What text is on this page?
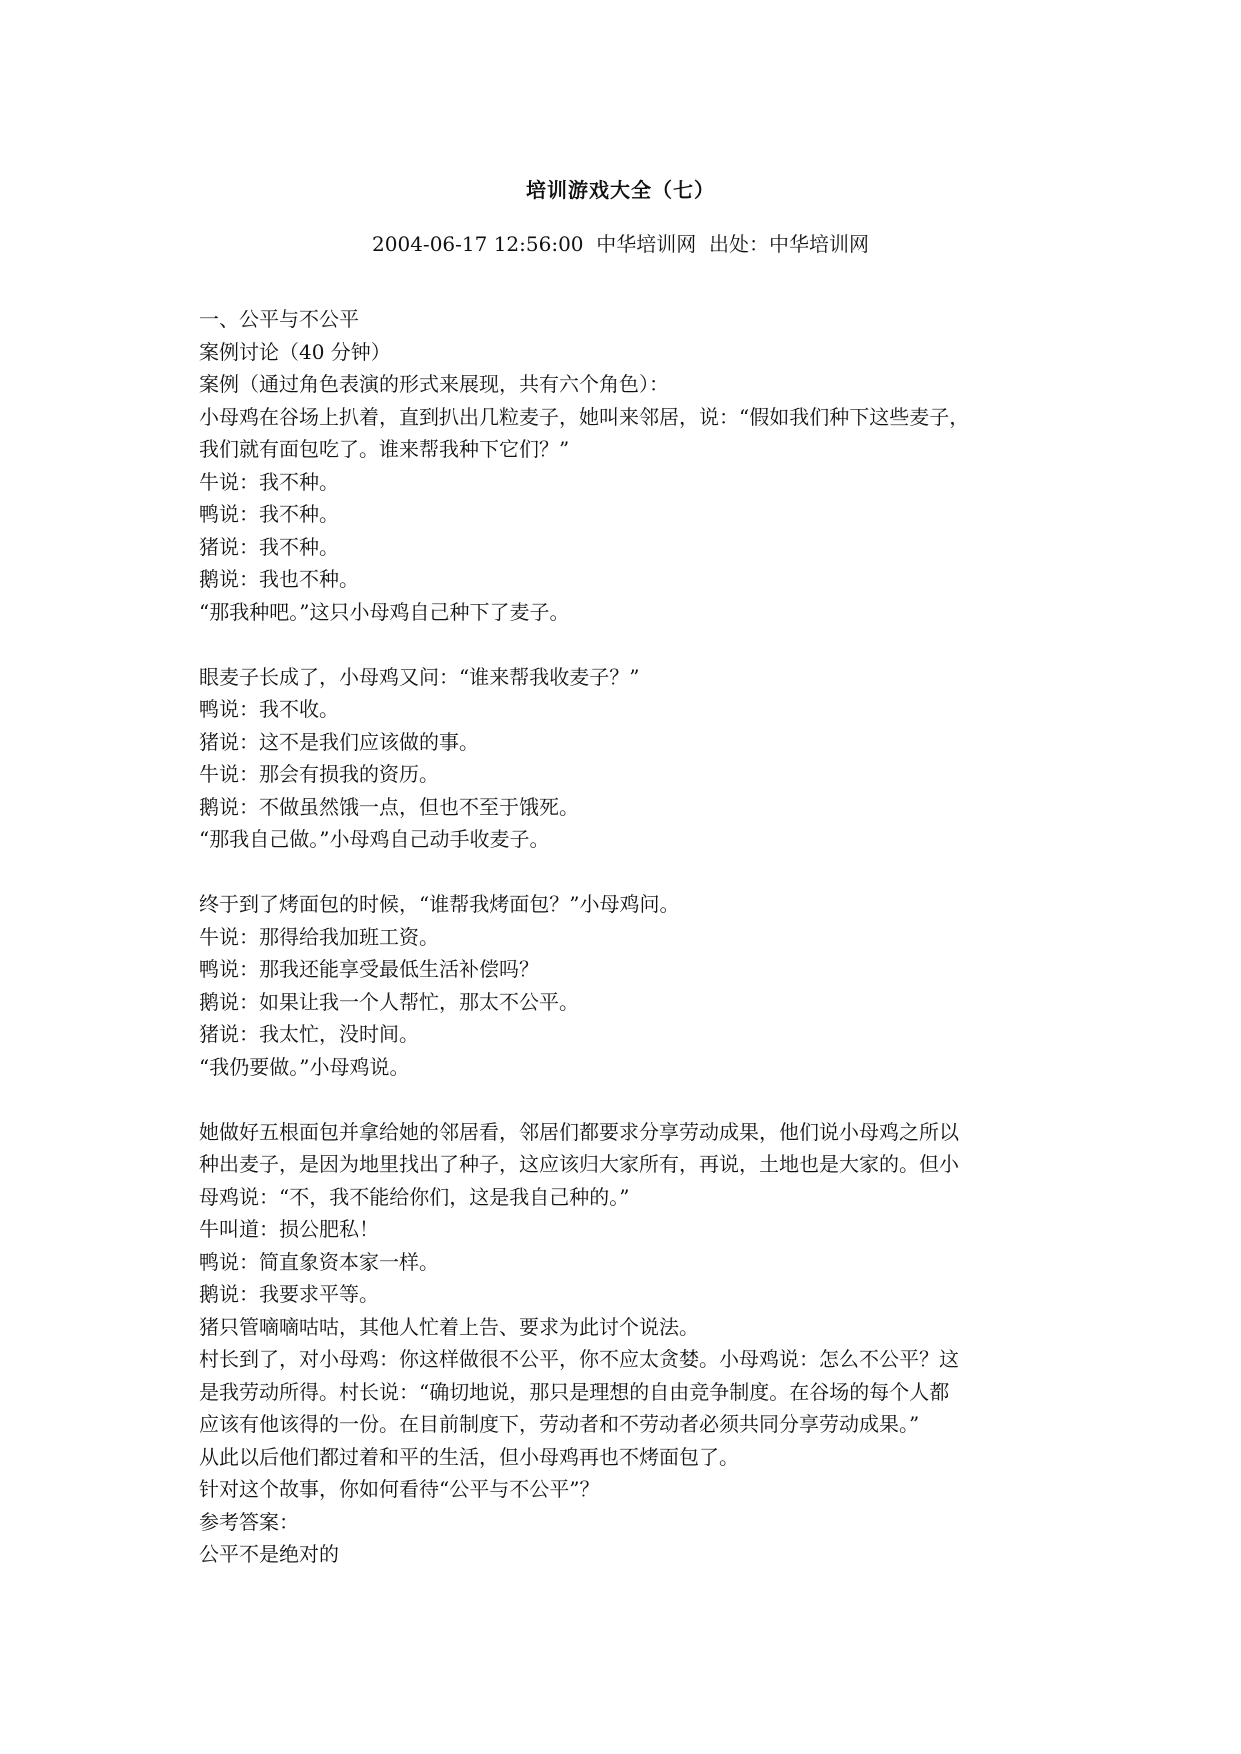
培训游戏大全（七）
2004-06-17 12:56:00 中华培训网 出处：中华培训网
一、公平与不公平
案例讨论（40 分钟）
案例（通过角色表演的形式来展现，共有六个角色）：
小母鸡在谷场上扒着，直到扒出几粒麦子，她叫来邻居，说：“假如我们种下这些麦子，
我们就有面包吃了。谁来帮我种下它们？”
牛说：我不种。
鸭说：我不种。
猪说：我不种。
鹅说：我也不种。
“那我种吧。”这只小母鸡自己种下了麦子。
眼麦子长成了，小母鸡又问：“谁来帮我收麦子？”
鸭说：我不收。
猪说：这不是我们应该做的事。
牛说：那会有损我的资历。
鹅说：不做虽然饿一点，但也不至于饿死。
“那我自己做。”小母鸡自己动手收麦子。
终于到了烤面包的时候，“谁帮我烤面包？”小母鸡问。
牛说：那得给我加班工资。
鸭说：那我还能享受最低生活补偿吗？
鹅说：如果让我一个人帮忙，那太不公平。
猪说：我太忙，没时间。
“我仍要做。”小母鸡说。
她做好五根面包并拿给她的邻居看，邻居们都要求分享劳动成果，他们说小母鸡之所以
种出麦子，是因为地里找出了种子，这应该归大家所有，再说，土地也是大家的。但小
母鸡说：“不，我不能给你们，这是我自己种的。”
牛叫道：损公肥私！
鸭说：简直象资本家一样。
鹅说：我要求平等。
猪只管嘀嘀咕咕，其他人忙着上告、要求为此讨个说法。
村长到了，对小母鸡：你这样做很不公平，你不应太贪婪。小母鸡说：怎么不公平？这
是我劳动所得。村长说：“确切地说，那只是理想的自由竞争制度。在谷场的每个人都
应该有他该得的一份。在目前制度下，劳动者和不劳动者必须共同分享劳动成果。”
从此以后他们都过着和平的生活，但小母鸡再也不烤面包了。
针对这个故事，你如何看待“公平与不公平”？
参考答案：
公平不是绝对的
